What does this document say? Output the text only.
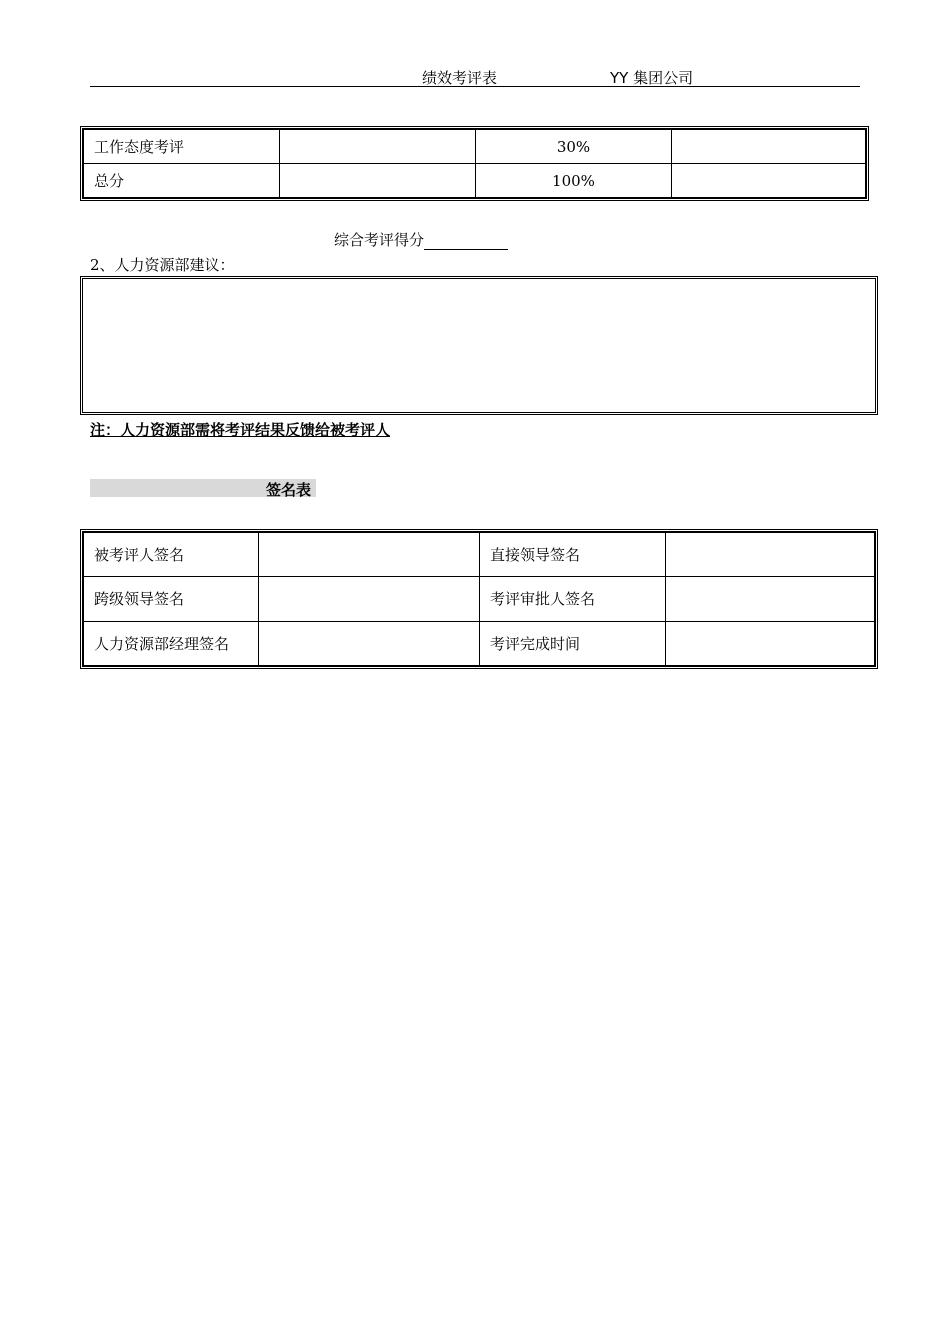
绩效考评表	YY 集团公司
工作态度考评		30%	
总分		100%	
综合考评得分
2、人力资源部建议：
注：人力资源部需将考评结果反馈给被考评人
签名表
被考评人签名		直接领导签名	
跨级领导签名		考评审批人签名	
人力资源部经理签名		考评完成时间	
